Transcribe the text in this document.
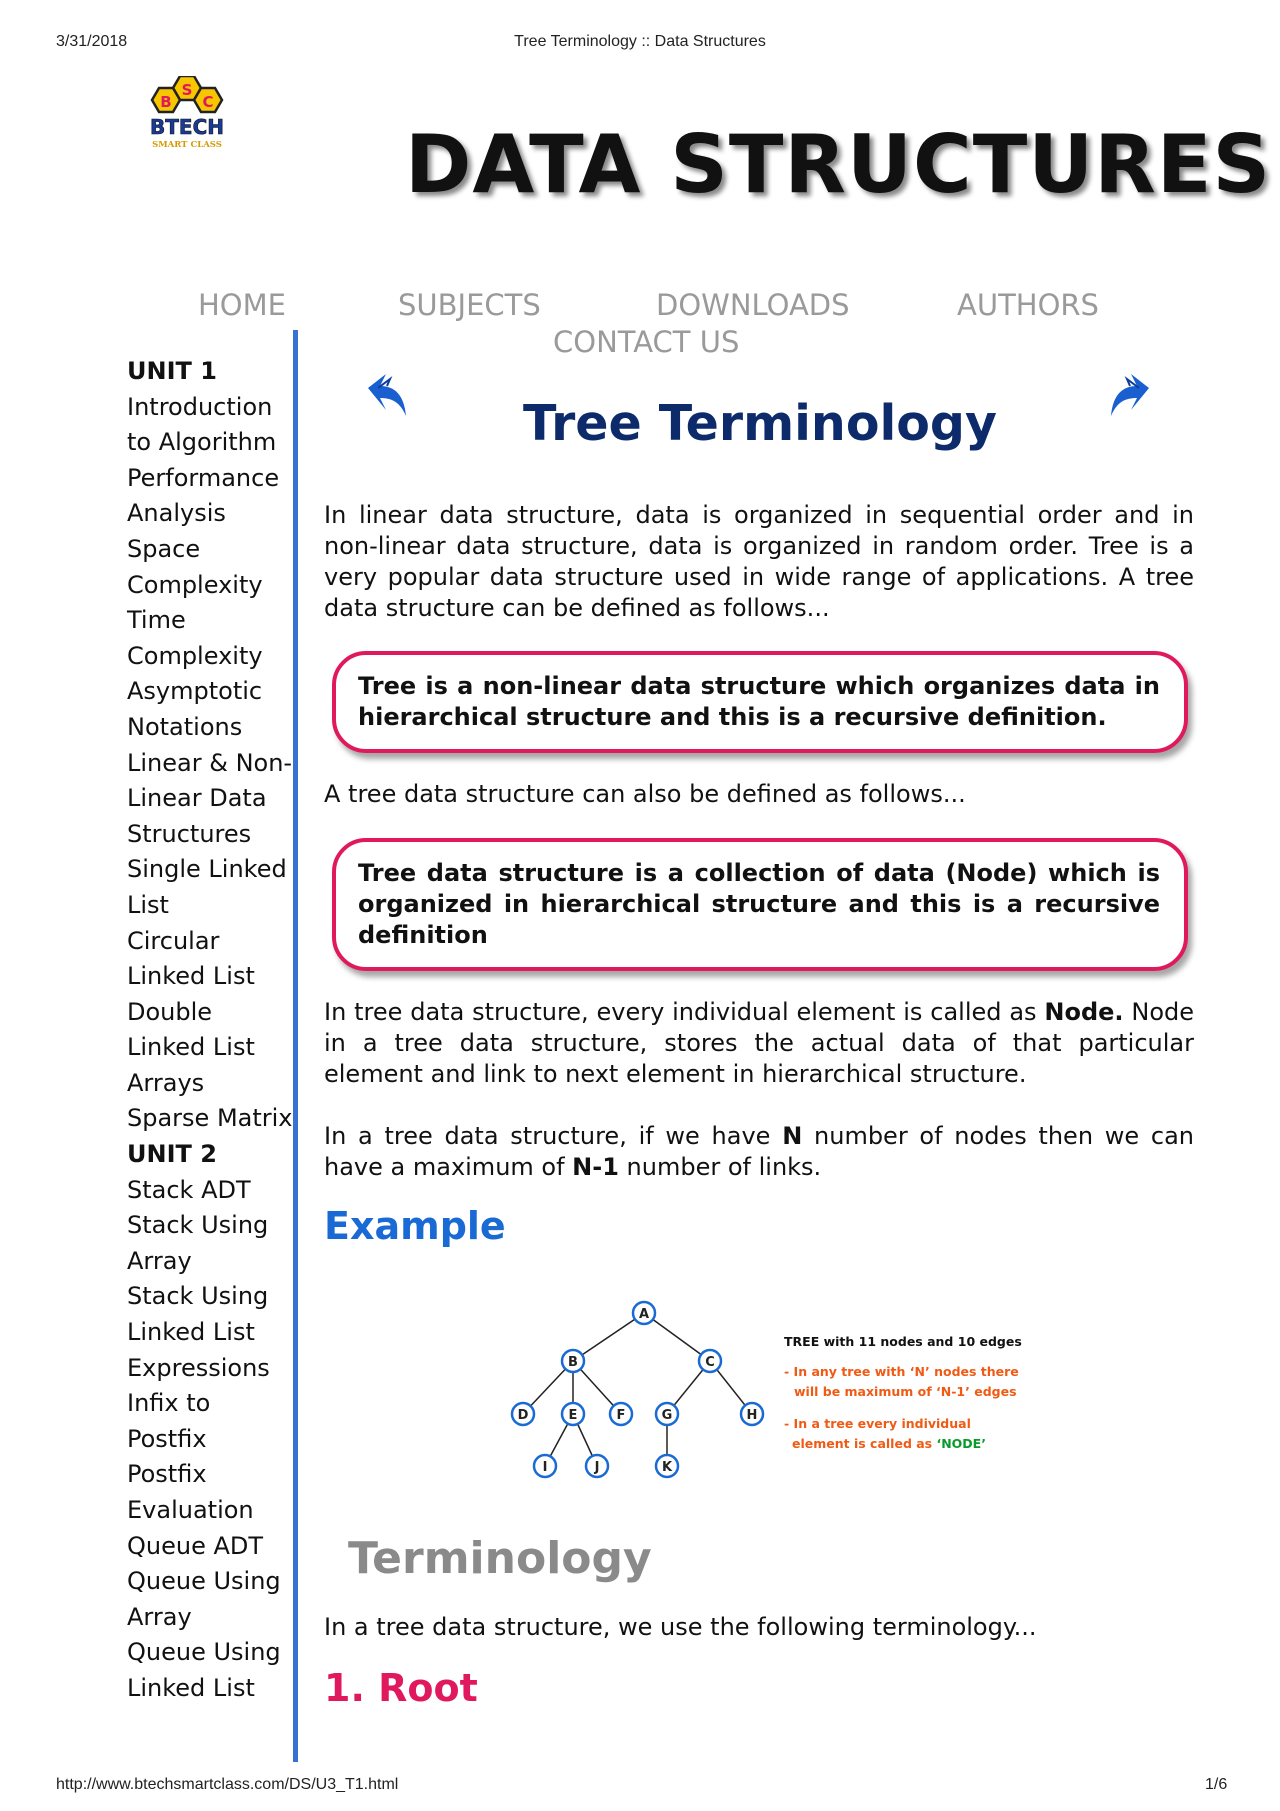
3/31/2018	Tree Terminology :: Data Structures
http://www.btechsmartclass.com/DS/U3_T1.html	1/6
S
B C
BTECH
SMART CLASS DATA STRUCTURES
HOME	SUBJECTS	DOWNLOADS	AUTHORS
CONTACT US
UNIT 1
Introduction to Algorithm
Performance Analysis
Space Complexity
Time Complexity
Asymptotic Notations
Linear & Non-Linear Data Structures
Single Linked List
Circular Linked List
Double Linked List
Arrays
Sparse Matrix
UNIT 2
Stack ADT
Stack Using Array
Stack Using Linked List
Expressions
Infix to Postfix
Postfix Evaluation
Queue ADT
Queue Using Array
Queue Using Linked List
Tree Terminology
In linear data structure, data is organized in sequential order and in non-linear data structure, data is organized in random order. Tree is a very popular data structure used in wide range of applications. A tree data structure can be defined as follows...
Tree is a non-linear data structure which organizes data in hierarchical structure and this is a recursive definition.
A tree data structure can also be defined as follows...
Tree data structure is a collection of data (Node) which is organized in hierarchical structure and this is a recursive definition
In tree data structure, every individual element is called as Node. Node in a tree data structure, stores the actual data of that particular element and link to next element in hierarchical structure.
In a tree data structure, if we have N number of nodes then we can have a maximum of N-1 number of links.
Example
A
B	C
D	E	F	G	H
I	J	K
TREE with 11 nodes and 10 edges
- In any tree with ‘N’ nodes there
will be maximum of ‘N-1’ edges
- In a tree every individual
element is called as ‘NODE’
Terminology
In a tree data structure, we use the following terminology...
1. Root
